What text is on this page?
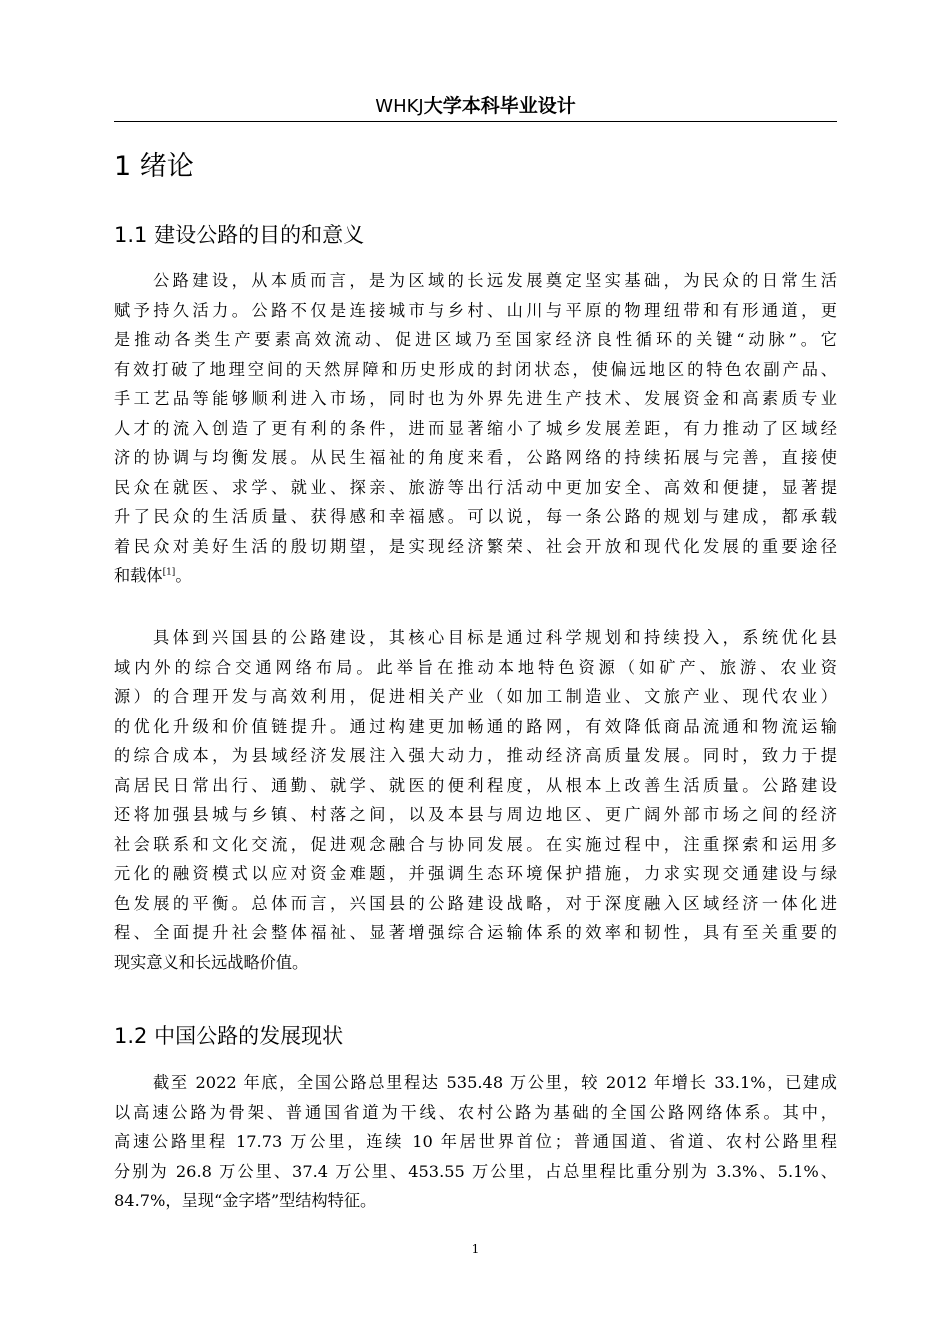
WHKJ大学本科毕业设计
1 绪论
1.1 建设公路的目的和意义
公路建设，从本质而言，是为区域的长远发展奠定坚实基础，为民众的日常生活
赋予持久活力。公路不仅是连接城市与乡村、山川与平原的物理纽带和有形通道，更
是推动各类生产要素高效流动、促进区域乃至国家经济良性循环的关键“动脉”。它
有效打破了地理空间的天然屏障和历史形成的封闭状态，使偏远地区的特色农副产品、
手工艺品等能够顺利进入市场，同时也为外界先进生产技术、发展资金和高素质专业
人才的流入创造了更有利的条件，进而显著缩小了城乡发展差距，有力推动了区域经
济的协调与均衡发展。从民生福祉的角度来看，公路网络的持续拓展与完善，直接使
民众在就医、求学、就业、探亲、旅游等出行活动中更加安全、高效和便捷，显著提
升了民众的生活质量、获得感和幸福感。可以说，每一条公路的规划与建成，都承载
着民众对美好生活的殷切期望，是实现经济繁荣、社会开放和现代化发展的重要途径
和载体[1]。
具体到兴国县的公路建设，其核心目标是通过科学规划和持续投入，系统优化县
域内外的综合交通网络布局。此举旨在推动本地特色资源（如矿产、旅游、农业资
源）的合理开发与高效利用，促进相关产业（如加工制造业、文旅产业、现代农业）
的优化升级和价值链提升。通过构建更加畅通的路网，有效降低商品流通和物流运输
的综合成本，为县域经济发展注入强大动力，推动经济高质量发展。同时，致力于提
高居民日常出行、通勤、就学、就医的便利程度，从根本上改善生活质量。公路建设
还将加强县城与乡镇、村落之间，以及本县与周边地区、更广阔外部市场之间的经济
社会联系和文化交流，促进观念融合与协同发展。在实施过程中，注重探索和运用多
元化的融资模式以应对资金难题，并强调生态环境保护措施，力求实现交通建设与绿
色发展的平衡。总体而言，兴国县的公路建设战略，对于深度融入区域经济一体化进
程、全面提升社会整体福祉、显著增强综合运输体系的效率和韧性，具有至关重要的
现实意义和长远战略价值。
1.2 中国公路的发展现状
截至 2022 年底，全国公路总里程达 535.48 万公里，较 2012 年增长 33.1%，已建成
以高速公路为骨架、普通国省道为干线、农村公路为基础的全国公路网络体系。其中，
高速公路里程 17.73 万公里，连续 10 年居世界首位；普通国道、省道、农村公路里程
分别为 26.8 万公里、37.4 万公里、453.55 万公里，占总里程比重分别为 3.3%、5.1%、
84.7%，呈现“金字塔”型结构特征。
1
